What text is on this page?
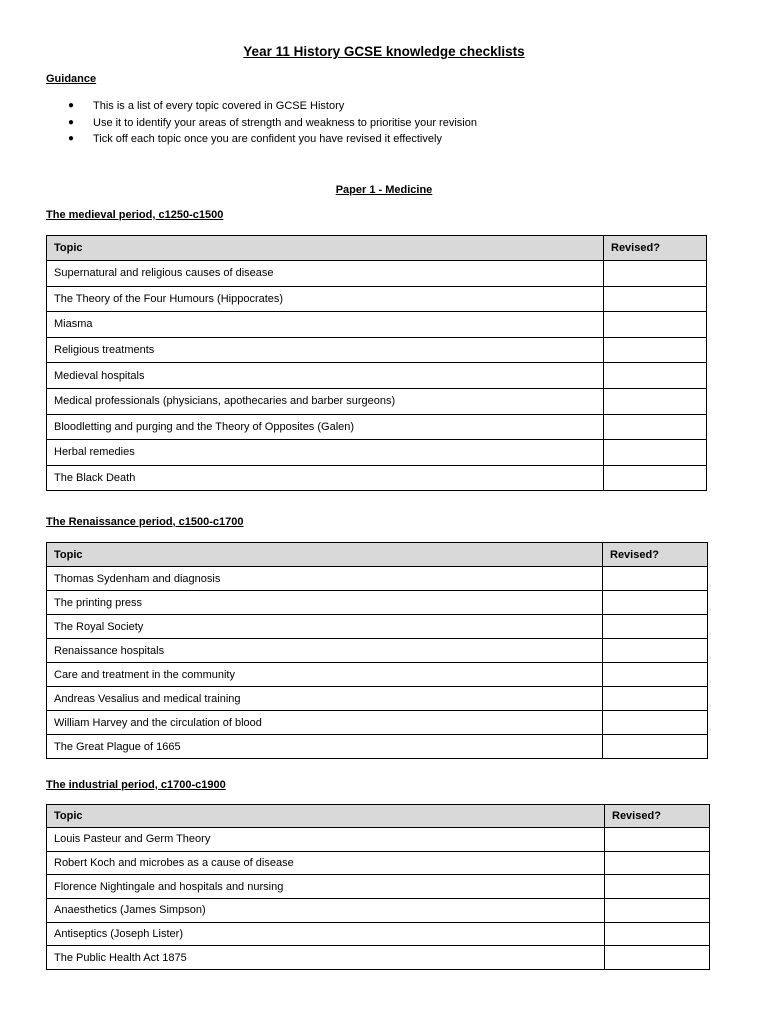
Year 11 History GCSE knowledge checklists
Guidance
● This is a list of every topic covered in GCSE History
● Use it to identify your areas of strength and weakness to prioritise your revision
● Tick off each topic once you are confident you have revised it effectively
Paper 1 - Medicine
The medieval period, c1250-c1500
Topic	Revised?
Supernatural and religious causes of disease	
The Theory of the Four Humours (Hippocrates)	
Miasma	
Religious treatments	
Medieval hospitals	
Medical professionals (physicians, apothecaries and barber surgeons)	
Bloodletting and purging and the Theory of Opposites (Galen)	
Herbal remedies	
The Black Death	
The Renaissance period, c1500-c1700
Topic	Revised?
Thomas Sydenham and diagnosis	
The printing press	
The Royal Society	
Renaissance hospitals	
Care and treatment in the community	
Andreas Vesalius and medical training	
William Harvey and the circulation of blood	
The Great Plague of 1665	
The industrial period, c1700-c1900
Topic	Revised?
Louis Pasteur and Germ Theory	
Robert Koch and microbes as a cause of disease	
Florence Nightingale and hospitals and nursing	
Anaesthetics (James Simpson)	
Antiseptics (Joseph Lister)	
The Public Health Act 1875	
